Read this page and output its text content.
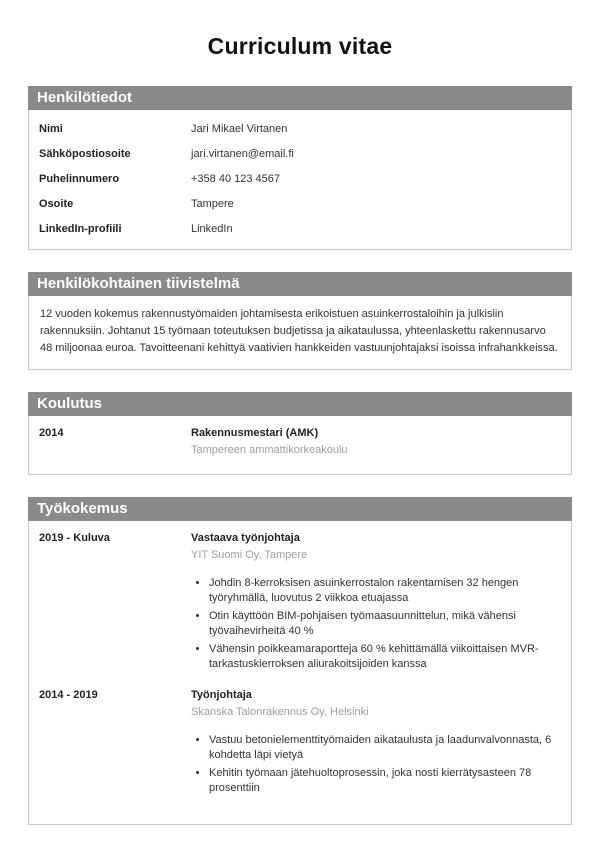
Curriculum vitae
Henkilötiedot
Nimi	Jari Mikael Virtanen
Sähköpostiosoite	jari.virtanen@email.fi
Puhelinnumero	+358 40 123 4567
Osoite	Tampere
LinkedIn-profiili	LinkedIn
Henkilökohtainen tiivistelmä
12 vuoden kokemus rakennustyömaiden johtamisesta erikoistuen asuinkerrostaloihin ja julkisiin rakennuksiin. Johtanut 15 työmaan toteutuksen budjetissa ja aikataulussa, yhteenlaskettu rakennusarvo 48 miljoonaa euroa. Tavoitteenani kehittyä vaativien hankkeiden vastuunjohtajaksi isoissa infrahankkeissa.
Koulutus
2014	Rakennusmestari (AMK)
Tampereen ammattikorkeakoulu
Työkokemus
2019 - Kuluva	Vastaava työnjohtaja
YIT Suomi Oy, Tampere
• Johdin 8-kerroksisen asuinkerrostalon rakentamisen 32 hengen työryhmällä, luovutus 2 viikkoa etuajassa
• Otin käyttöön BIM-pohjaisen työmaasuunnittelun, mikä vähensi työvaihevirheitä 40 %
• Vähensin poikkeamaraportteja 60 % kehittämällä viikoittaisen MVR-tarkastuskierroksen aliurakoitsijoiden kanssa
2014 - 2019	Työnjohtaja
Skanska Talonrakennus Oy, Helsinki
• Vastuu betonielementtityömaiden aikataulusta ja laadunvalvonnasta, 6 kohdetta läpi vietyä
• Kehitin työmaan jätehuoltoprosessin, joka nosti kierrätysasteen 78 prosenttiin
